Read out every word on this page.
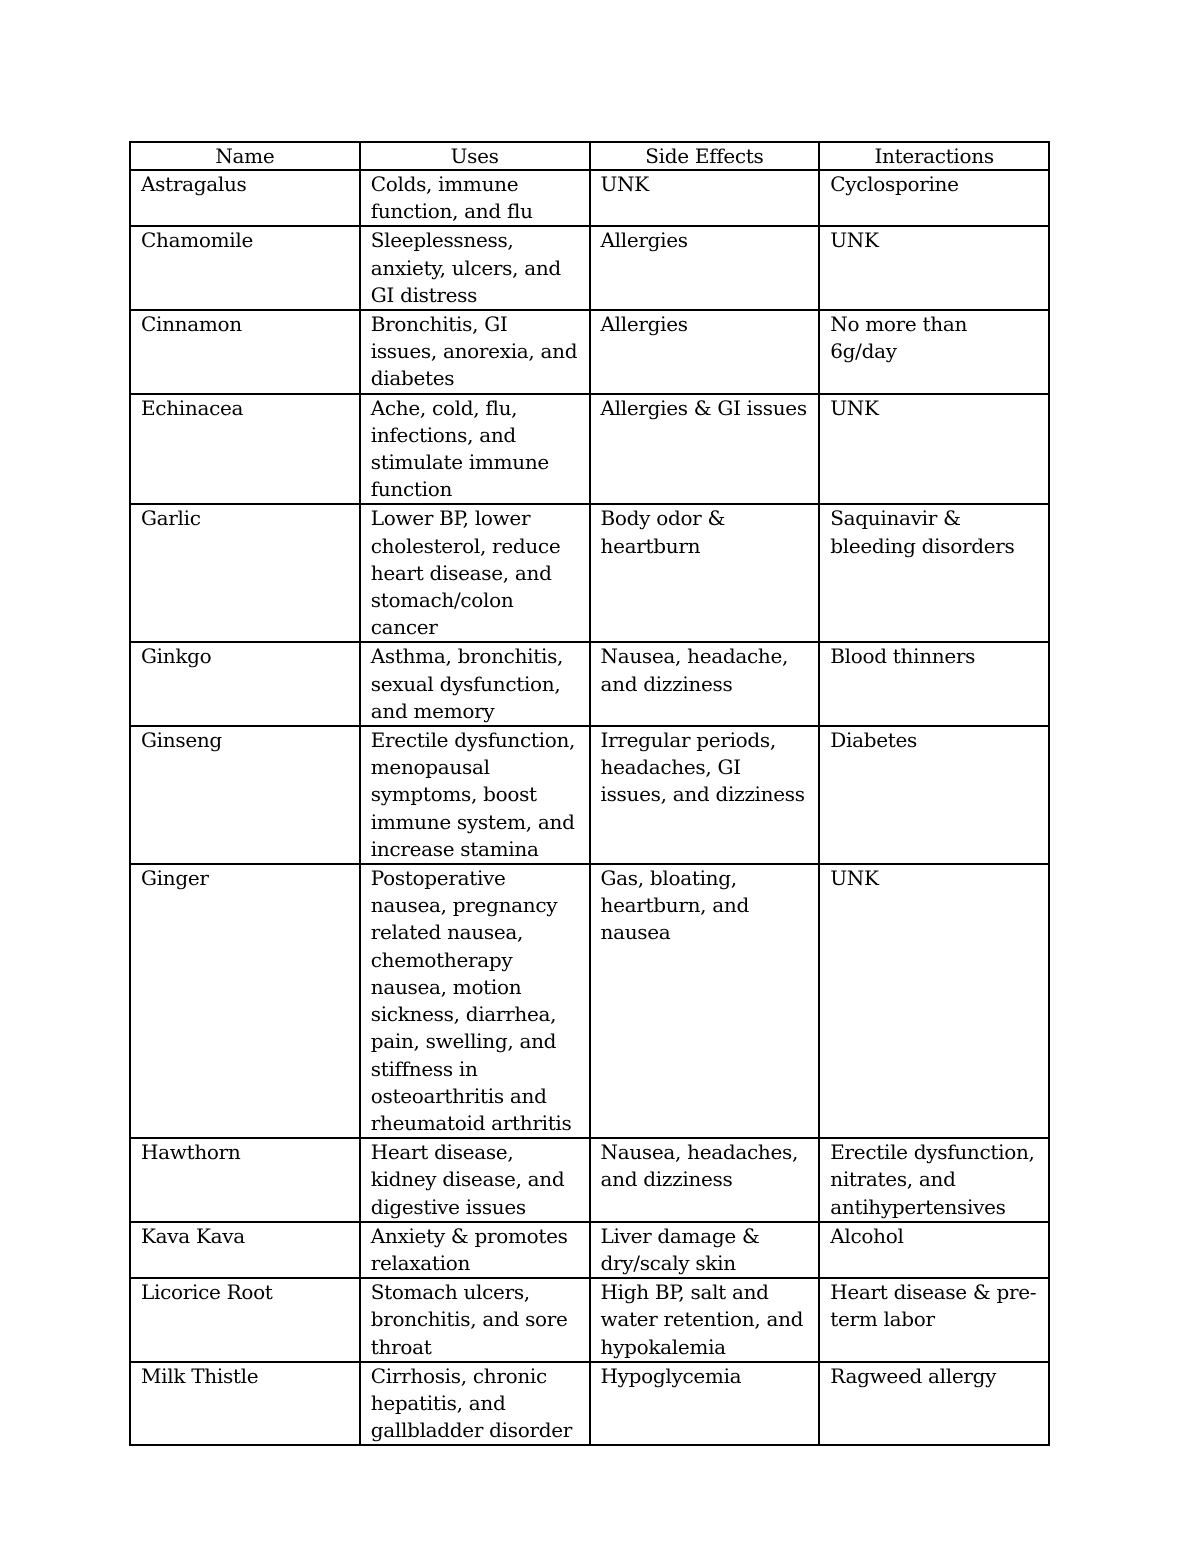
Name	Uses	Side Effects	Interactions
Astragalus	Colds, immune function, and flu	UNK	Cyclosporine
Chamomile	Sleeplessness, anxiety, ulcers, and GI distress	Allergies	UNK
Cinnamon	Bronchitis, GI issues, anorexia, and diabetes	Allergies	No more than 6g/day
Echinacea	Ache, cold, flu, infections, and stimulate immune function	Allergies & GI issues	UNK
Garlic	Lower BP, lower cholesterol, reduce heart disease, and stomach/colon cancer	Body odor & heartburn	Saquinavir & bleeding disorders
Ginkgo	Asthma, bronchitis, sexual dysfunction, and memory	Nausea, headache, and dizziness	Blood thinners
Ginseng	Erectile dysfunction, menopausal symptoms, boost immune system, and increase stamina	Irregular periods, headaches, GI issues, and dizziness	Diabetes
Ginger	Postoperative nausea, pregnancy related nausea, chemotherapy nausea, motion sickness, diarrhea, pain, swelling, and stiffness in osteoarthritis and rheumatoid arthritis	Gas, bloating, heartburn, and nausea	UNK
Hawthorn	Heart disease, kidney disease, and digestive issues	Nausea, headaches, and dizziness	Erectile dysfunction, nitrates, and antihypertensives
Kava Kava	Anxiety & promotes relaxation	Liver damage & dry/scaly skin	Alcohol
Licorice Root	Stomach ulcers, bronchitis, and sore throat	High BP, salt and water retention, and hypokalemia	Heart disease & pre-term labor
Milk Thistle	Cirrhosis, chronic hepatitis, and gallbladder disorder	Hypoglycemia	Ragweed allergy
